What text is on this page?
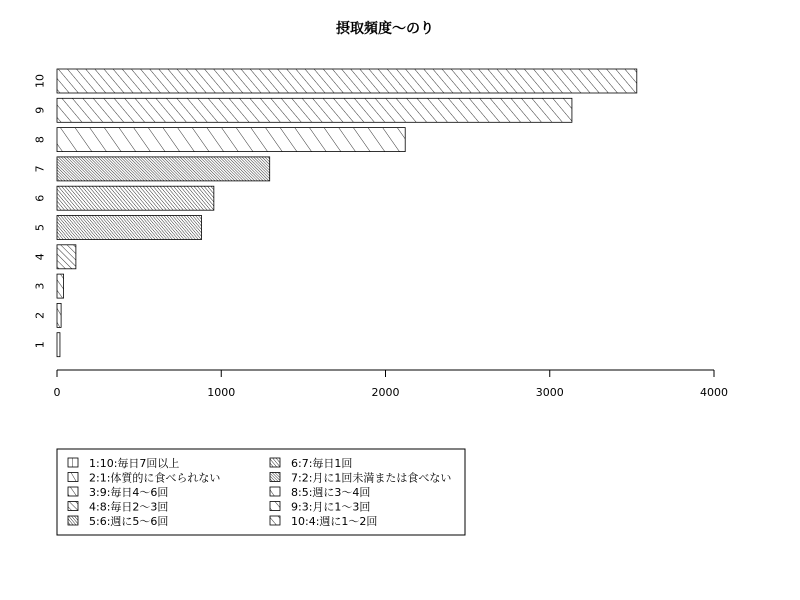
摂取頻度〜のり
1
2
3
4
5
6
7
8
9
10
0	1000	2000	3000	4000
1:10:毎日7回以上
2:1:体質的に食べられない
3:9:毎日4〜6回
4:8:毎日2〜3回
5:6:週に5〜6回
6:7:毎日1回
7:2:月に1回未満または食べない
8:5:週に3〜4回
9:3:月に1〜3回
10:4:週に1〜2回
